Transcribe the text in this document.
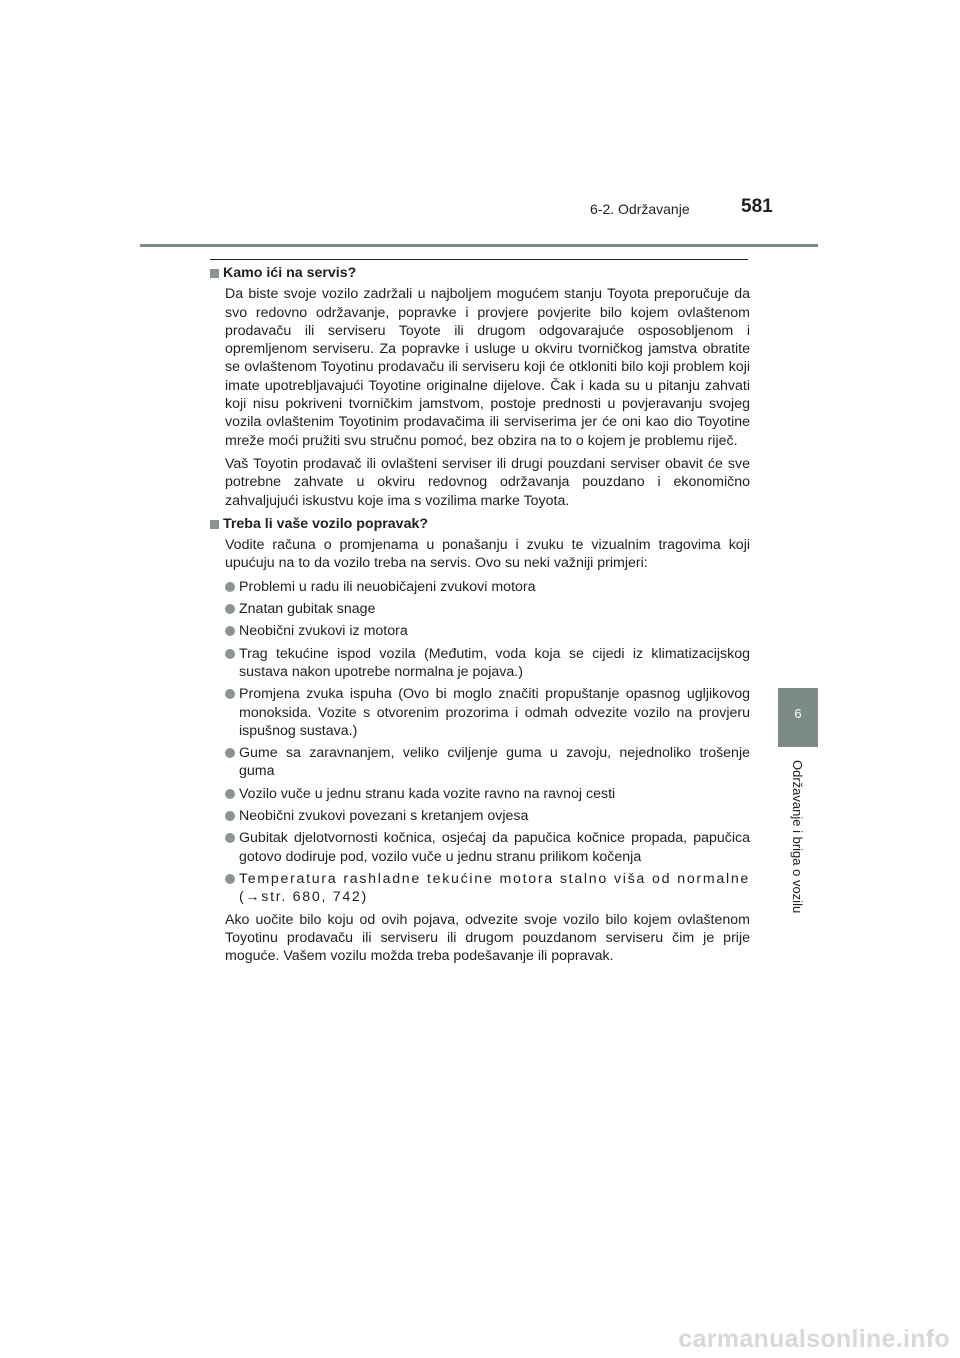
6-2. Održavanje	581
6
Održavanje i briga o vozilu
Kamo ići na servis?
Da biste svoje vozilo zadržali u najboljem mogućem stanju Toyota preporučuje da svo redovno održavanje, popravke i provjere povjerite bilo kojem ovlaštenom prodavaču ili serviseru Toyote ili drugom odgovarajuće osposobljenom i opremljenom serviseru. Za popravke i usluge u okviru tvorničkog jamstva obratite se ovlaštenom Toyotinu prodavaču ili serviseru koji će otkloniti bilo koji problem koji imate upotrebljavajući Toyotine originalne dijelove. Čak i kada su u pitanju zahvati koji nisu pokriveni tvorničkim jamstvom, postoje prednosti u povjeravanju svojeg vozila ovlaštenim Toyotinim prodavačima ili serviserima jer će oni kao dio Toyotine mreže moći pružiti svu stručnu pomoć, bez obzira na to o kojem je problemu riječ.
Vaš Toyotin prodavač ili ovlašteni serviser ili drugi pouzdani serviser obavit će sve potrebne zahvate u okviru redovnog održavanja pouzdano i ekonomično zahvaljujući iskustvu koje ima s vozilima marke Toyota.
Treba li vaše vozilo popravak?
Vodite računa o promjenama u ponašanju i zvuku te vizualnim tragovima koji upućuju na to da vozilo treba na servis. Ovo su neki važniji primjeri:
Problemi u radu ili neuobičajeni zvukovi motora
Znatan gubitak snage
Neobični zvukovi iz motora
Trag tekućine ispod vozila (Međutim, voda koja se cijedi iz klimatizacijskog sustava nakon upotrebe normalna je pojava.)
Promjena zvuka ispuha (Ovo bi moglo značiti propuštanje opasnog ugljikovog monoksida. Vozite s otvorenim prozorima i odmah odvezite vozilo na provjeru ispušnog sustava.)
Gume sa zaravnanjem, veliko cviljenje guma u zavoju, nejednoliko trošenje guma
Vozilo vuče u jednu stranu kada vozite ravno na ravnoj cesti
Neobični zvukovi povezani s kretanjem ovjesa
Gubitak djelotvornosti kočnica, osjećaj da papučica kočnice propada, papučica gotovo dodiruje pod, vozilo vuče u jednu stranu prilikom kočenja
Temperatura rashladne tekućine motora stalno viša od normalne (→str. 680, 742)
Ako uočite bilo koju od ovih pojava, odvezite svoje vozilo bilo kojem ovlaštenom Toyotinu prodavaču ili serviseru ili drugom pouzdanom serviseru čim je prije moguće. Vašem vozilu možda treba podešavanje ili popravak.
carmanualsonline.info
